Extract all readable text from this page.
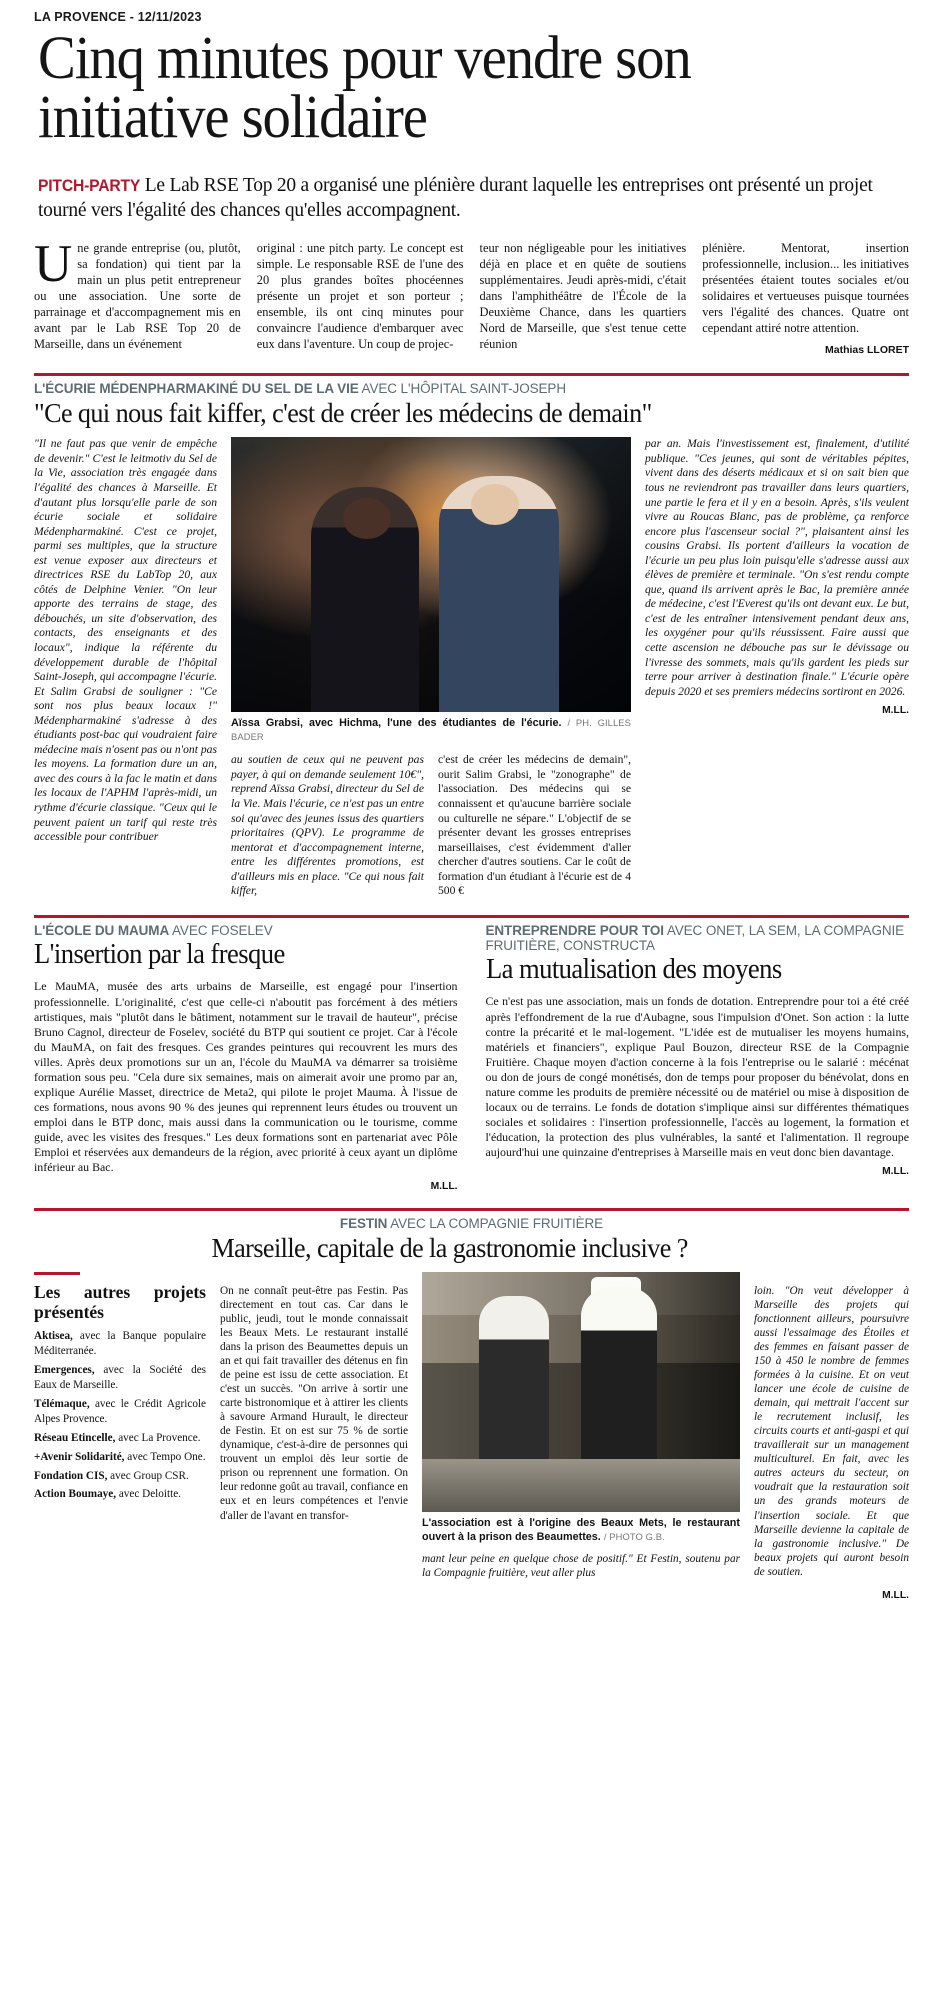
LA PROVENCE - 12/11/2023
Cinq minutes pour vendre son initiative solidaire
PITCH-PARTY Le Lab RSE Top 20 a organisé une plénière durant laquelle les entreprises ont présenté un projet tourné vers l'égalité des chances qu'elles accompagnent.

Une grande entreprise (ou, plutôt, sa fondation) qui tient par la main un plus petit entrepreneur ou une association. Une sorte de parrainage et d'accompagnement mis en avant par le Lab RSE Top 20 de Marseille, dans un événement

original : une pitch party. Le concept est simple. Le responsable RSE de l'une des 20 plus grandes boîtes phocéennes présente un projet et son porteur ; ensemble, ils ont cinq minutes pour convaincre l'audience d'embarquer avec eux dans l'aventure. Un coup de projec-

teur non négligeable pour les initiatives déjà en place et en quête de soutiens supplémentaires. Jeudi après-midi, c'était dans l'amphithéâtre de l'École de la Deuxième Chance, dans les quartiers Nord de Marseille, que s'est tenue cette réunion

plénière. Mentorat, insertion professionnelle, inclusion... les initiatives présentées étaient toutes sociales et/ou solidaires et vertueuses puisque tournées vers l'égalité des chances. Quatre ont cependant attiré notre attention.

Mathias LLORET
L'ÉCURIE MÉDENPHARMAKINÉ DU SEL DE LA VIE AVEC L'HÔPITAL SAINT-JOSEPH
"Ce qui nous fait kiffer, c'est de créer les médecins de demain"

"Il ne faut pas que venir de empêche de devenir." C'est le leitmotiv du Sel de la Vie, association très engagée dans l'égalité des chances à Marseille. Et d'autant plus lorsqu'elle parle de son écurie sociale et solidaire Médenpharmakiné. C'est ce projet, parmi ses multiples, que la structure est venue exposer aux directeurs et directrices RSE du LabTop 20, aux côtés de Delphine Venier. "On leur apporte des terrains de stage, des débouchés, un site d'observation, des contacts, des enseignants et des locaux", indique la référente du développement durable de l'hôpital Saint-Joseph, qui accompagne l'écurie. Et Salim Grabsi de souligner : "Ce sont nos plus beaux locaux !" Médenpharmakiné s'adresse à des étudiants post-bac qui voudraient faire médecine mais n'osent pas ou n'ont pas les moyens. La formation dure un an, avec des cours à la fac le matin et dans les locaux de l'APHM l'après-midi, un rythme d'écurie classique. "Ceux qui le peuvent paient un tarif qui reste très accessible pour contribuer

Aïssa Grabsi, avec Hichma, l'une des étudiantes de l'écurie. / PH. GILLES BADER

au soutien de ceux qui ne peuvent pas payer, à qui on demande seulement 10€", reprend Aïssa Grabsi, directeur du Sel de la Vie. Mais l'écurie, ce n'est pas un entre soi qu'avec des jeunes issus des quartiers prioritaires (QPV). Le programme de mentorat et d'accompagnement interne, entre les différentes promotions, est d'ailleurs mis en place. "Ce qui nous fait kiffer,

c'est de créer les médecins de demain", ourit Salim Grabsi, le "zonographe" de l'association. Des médecins qui se connaissent et qu'aucune barrière sociale ou culturelle ne sépare." L'objectif de se présenter devant les grosses entreprises marseillaises, c'est évidemment d'aller chercher d'autres soutiens. Car le coût de formation d'un étudiant à l'écurie est de 4 500 €

par an. Mais l'investissement est, finalement, d'utilité publique. "Ces jeunes, qui sont de véritables pépites, vivent dans des déserts médicaux et si on sait bien que tous ne reviendront pas travailler dans leurs quartiers, une partie le fera et il y en a besoin. Après, s'ils veulent vivre au Roucas Blanc, pas de problème, ça renforce encore plus l'ascenseur social ?", plaisantent ainsi les cousins Grabsi. Ils portent d'ailleurs la vocation de l'écurie un peu plus loin puisqu'elle s'adresse aussi aux élèves de première et terminale. "On s'est rendu compte que, quand ils arrivent après le Bac, la première année de médecine, c'est l'Everest qu'ils ont devant eux. Le but, c'est de les entraîner intensivement pendant deux ans, les oxygéner pour qu'ils réussissent. Faire aussi que cette ascension ne débouche pas sur le dévissage ou l'ivresse des sommets, mais qu'ils gardent les pieds sur terre pour arriver à destination finale." L'écurie opère depuis 2020 et ses premiers médecins sortiront en 2026.

M.LL.
L'ÉCOLE DU MAUMA AVEC FOSELEV
L'insertion par la fresque

Le MauMA, musée des arts urbains de Marseille, est engagé pour l'insertion professionnelle. L'originalité, c'est que celle-ci n'aboutit pas forcément à des métiers artistiques, mais "plutôt dans le bâtiment, notamment sur le travail de hauteur", précise Bruno Cagnol, directeur de Foselev, société du BTP qui soutient ce projet. Car à l'école du MauMA, on fait des fresques. Ces grandes peintures qui recouvrent les murs des villes. Après deux promotions sur un an, l'école du MauMA va démarrer sa troisième formation sous peu. "Cela dure six semaines, mais on aimerait avoir une promo par an, explique Aurélie Masset, directrice de Meta2, qui pilote le projet Mauma. À l'issue de ces formations, nous avons 90 % des jeunes qui reprennent leurs études ou trouvent un emploi dans le BTP donc, mais aussi dans la communication ou le tourisme, comme guide, avec les visites des fresques." Les deux formations sont en partenariat avec Pôle Emploi et réservées aux demandeurs de la région, avec priorité à ceux ayant un diplôme inférieur au Bac.

M.LL.
ENTREPRENDRE POUR TOI AVEC ONET, LA SEM, LA COMPAGNIE FRUITIÈRE, CONSTRUCTA
La mutualisation des moyens

Ce n'est pas une association, mais un fonds de dotation. Entreprendre pour toi a été créé après l'effondrement de la rue d'Aubagne, sous l'impulsion d'Onet. Son action : la lutte contre la précarité et le mal-logement. "L'idée est de mutualiser les moyens humains, matériels et financiers", explique Paul Bouzon, directeur RSE de la Compagnie Fruitière. Chaque moyen d'action concerne à la fois l'entreprise ou le salarié : mécénat ou don de jours de congé monétisés, don de temps pour proposer du bénévolat, dons en nature comme les produits de première nécessité ou de matériel ou mise à disposition de locaux ou de terrains. Le fonds de dotation s'implique ainsi sur différentes thématiques sociales et solidaires : l'insertion professionnelle, l'accès au logement, la formation et l'éducation, la protection des plus vulnérables, la santé et l'alimentation. Il regroupe aujourd'hui une quinzaine d'entreprises à Marseille mais en veut donc bien davantage.

M.LL.
FESTIN AVEC LA COMPAGNIE FRUITIÈRE
Marseille, capitale de la gastronomie inclusive ?
Les autres projets présentés
Aktisea, avec la Banque populaire Méditerranée.
Emergences, avec la Société des Eaux de Marseille.
Télémaque, avec le Crédit Agricole Alpes Provence.
Réseau Etincelle, avec La Provence.
+Avenir Solidarité, avec Tempo One.
Fondation CIS, avec Group CSR.
Action Boumaye, avec Deloitte.

On ne connaît peut-être pas Festin. Pas directement en tout cas. Car dans le public, jeudi, tout le monde connaissait les Beaux Mets. Le restaurant installé dans la prison des Beaumettes depuis un an et qui fait travailler des détenus en fin de peine est issu de cette association. Et c'est un succès. "On arrive à sortir une carte bistronomique et à attirer les clients à savoure Armand Hurault, le directeur de Festin. Et on est sur 75 % de sortie dynamique, c'est-à-dire de personnes qui trouvent un emploi dès leur sortie de prison ou reprennent une formation. On leur redonne goût au travail, confiance en eux et en leurs compétences et l'envie d'aller de l'avant en transfor-

L'association est à l'origine des Beaux Mets, le restaurant ouvert à la prison des Beaumettes. / PHOTO G.B.

mant leur peine en quelque chose de positif." Et Festin, soutenu par la Compagnie fruitière, veut aller plus

loin. "On veut développer à Marseille des projets qui fonctionnent ailleurs, poursuivre aussi l'essaimage des Étoiles et des femmes en faisant passer de 150 à 450 le nombre de femmes formées à la cuisine. Et on veut lancer une école de cuisine de demain, qui mettrait l'accent sur le recrutement inclusif, les circuits courts et anti-gaspi et qui travaillerait sur un management multiculturel. En fait, avec les autres acteurs du secteur, on voudrait que la restauration soit un des grands moteurs de l'insertion sociale. Et que Marseille devienne la capitale de la gastronomie inclusive." De beaux projets qui auront besoin de soutien.

M.LL.
